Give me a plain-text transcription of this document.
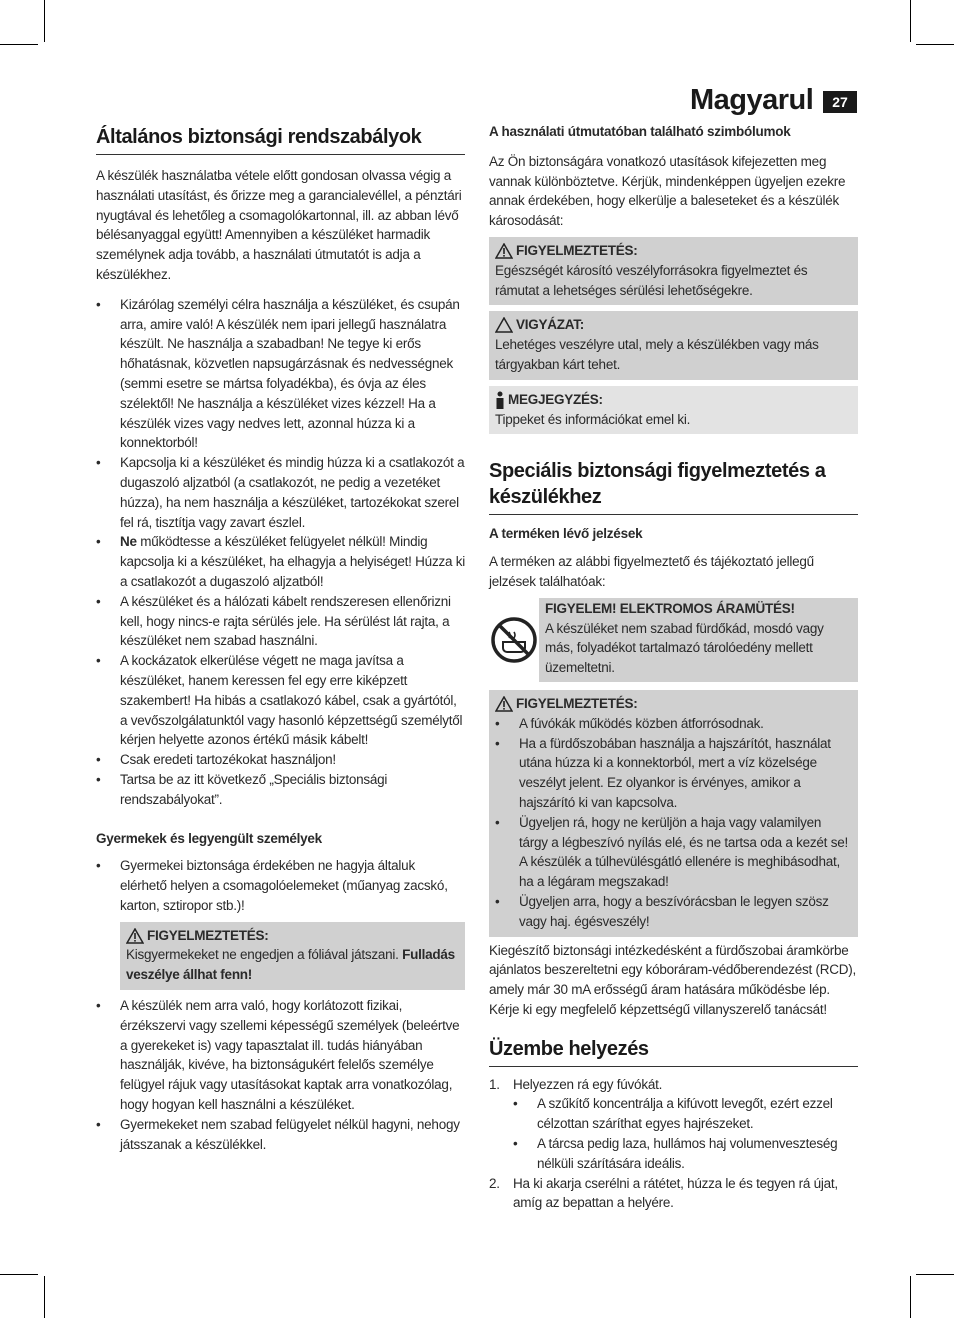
Magyarul	27
Általános biztonsági rendszabályok

A készülék használatba vétele előtt gondosan olvassa végig a használati utasítást, és őrizze meg a garancialevéllel, a pénztári nyugtával és lehetőleg a csomagolókartonnal, ill. az abban lévő bélésanyaggal együtt! Amennyiben a készüléket harmadik személynek adja tovább, a használati útmutatót is adja a készülékhez.

• Kizárólag személyi célra használja a készüléket, és csupán arra, amire való! A készülék nem ipari jellegű használatra készült. Ne használja a szabadban! Ne tegye ki erős hőhatásnak, közvetlen napsugárzásnak és nedvességnek (semmi esetre se mártsa folyadékba), és óvja az éles szélektől! Ne használja a készüléket vizes kézzel! Ha a készülék vizes vagy nedves lett, azonnal húzza ki a konnektorból!
• Kapcsolja ki a készüléket és mindig húzza ki a csatlakozót a dugaszoló aljzatból (a csatlakozót, ne pedig a vezetéket húzza), ha nem használja a készüléket, tartozékokat szerel fel rá, tisztítja vagy zavart észlel.
• Ne működtesse a készüléket felügyelet nélkül! Mindig kapcsolja ki a készüléket, ha elhagyja a helyiséget! Húzza ki a csatlakozót a dugaszoló aljzatból!
• A készüléket és a hálózati kábelt rendszeresen ellenőrizni kell, hogy nincs-e rajta sérülés jele. Ha sérülést lát rajta, a készüléket nem szabad használni.
• A kockázatok elkerülése végett ne maga javítsa a készüléket, hanem keressen fel egy erre kiképzett szakembert! Ha hibás a csatlakozó kábel, csak a gyártótól, a vevőszolgálatunktól vagy hasonló képzettségű személytől kérjen helyette azonos értékű másik kábelt!
• Csak eredeti tartozékokat használjon!
• Tartsa be az itt következő „Speciális biztonsági rendszabályokat”.
Gyermekek és legyengült személyek
• Gyermekei biztonsága érdekében ne hagyja általuk elérhető helyen a csomagolóelemeket (műanyag zacskó, karton, sztiropor stb.)!
FIGYELMEZTETÉS:
Kisgyermekeket ne engedjen a fóliával játszani. Fulladás veszélye állhat fenn!
• A készülék nem arra való, hogy korlátozott fizikai, érzékszervi vagy szellemi képességű személyek (beleértve a gyerekeket is) vagy tapasztalat ill. tudás hiányában használják, kivéve, ha biztonságukért felelős személye felügyel rájuk vagy utasításokat kaptak arra vonatkozólag, hogy hogyan kell használni a készüléket.
• Gyermekeket nem szabad felügyelet nélkül hagyni, nehogy játsszanak a készülékkel.
A használati útmutatóban található szimbólumok

Az Ön biztonságára vonatkozó utasítások kifejezetten meg vannak különböztetve. Kérjük, mindenképpen ügyeljen ezekre annak érdekében, hogy elkerülje a baleseteket és a készülék károsodását:

FIGYELMEZTETÉS:
Egészségét károsító veszélyforrásokra figyelmeztet és rámutat a lehetséges sérülési lehetőségekre.
VIGYÁZAT:
Lehetéges veszélyre utal, mely a készülékben vagy más tárgyakban kárt tehet.
MEGJEGYZÉS:
Tippeket és információkat emel ki.
Speciális biztonsági figyelmeztetés a készülékhez
A terméken lévő jelzések

A terméken az alábbi figyelmeztető és tájékoztató jellegű jelzések találhatóak:

FIGYELEM! ELEKTROMOS ÁRAMÜTÉS!
A készüléket nem szabad fürdőkád, mosdó vagy más, folyadékot tartalmazó tárolóedény mellett üzemeltetni.
FIGYELMEZTETÉS:
• A fúvókák működés közben átforrósodnak.
• Ha a fürdőszobában használja a hajszárítót, használat utána húzza ki a konnektorból, mert a víz közelsége veszélyt jelent. Ez olyankor is érvényes, amikor a hajszárító ki van kapcsolva.
• Ügyeljen rá, hogy ne kerüljön a haja vagy valamilyen tárgy a légbeszívó nyílás elé, és ne tartsa oda a kezét se! A készülék a túlhevülésgátló ellenére is meghibásodhat, ha a légáram megszakad!
• Ügyeljen arra, hogy a beszívórácsban le legyen szösz vagy haj. égésveszély!

Kiegészítő biztonsági intézkedésként a fürdőszobai áramkörbe ajánlatos beszereltetni egy kóboráram-védőberendezést (RCD), amely már 30 mA erősségű áram hatására működésbe lép. Kérje ki egy megfelelő képzettségű villanyszerelő tanácsát!

Üzembe helyezés
1. Helyezzen rá egy fúvókát.
• A szűkítő koncentrálja a kifúvott levegőt, ezért ezzel célzottan száríthat egyes hajrészeket.
• A tárcsa pedig laza, hullámos haj volumenveszteség nélküli szárítására ideális.
2. Ha ki akarja cserélni a rátétet, húzza le és tegyen rá újat, amíg az bepattan a helyére.
